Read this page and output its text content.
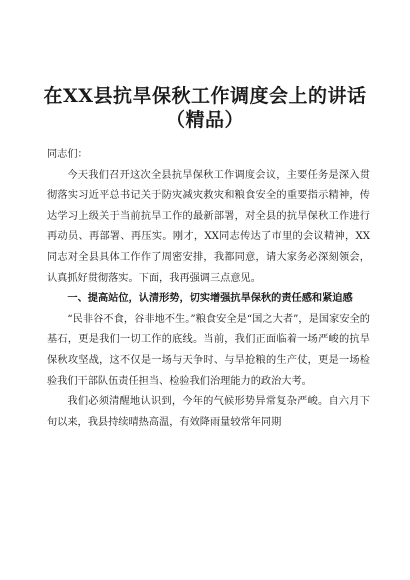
在XX县抗旱保秋工作调度会上的讲话
（精品）

同志们：

今天我们召开这次全县抗旱保秋工作调度会议，主要任务是深入贯彻落实习近平总书记关于防灾减灾救灾和粮食安全的重要指示精神，传达学习上级关于当前抗旱工作的最新部署，对全县的抗旱保秋工作进行再动员、再部署、再压实。刚才，XX同志传达了市里的会议精神，XX同志对全县具体工作作了周密安排，我都同意，请大家务必深刻领会，认真抓好贯彻落实。下面，我再强调三点意见。

一、提高站位，认清形势，切实增强抗旱保秋的责任感和紧迫感

“民非谷不食，谷非地不生。”粮食安全是“国之大者”，是国家安全的基石，更是我们一切工作的底线。当前，我们正面临着一场严峻的抗旱保秋攻坚战，这不仅是一场与天争时、与旱抢粮的生产仗，更是一场检验我们干部队伍责任担当、检验我们治理能力的政治大考。

我们必须清醒地认识到，今年的气候形势异常复杂严峻。自六月下旬以来，我县持续晴热高温，有效降雨量较常年同期
